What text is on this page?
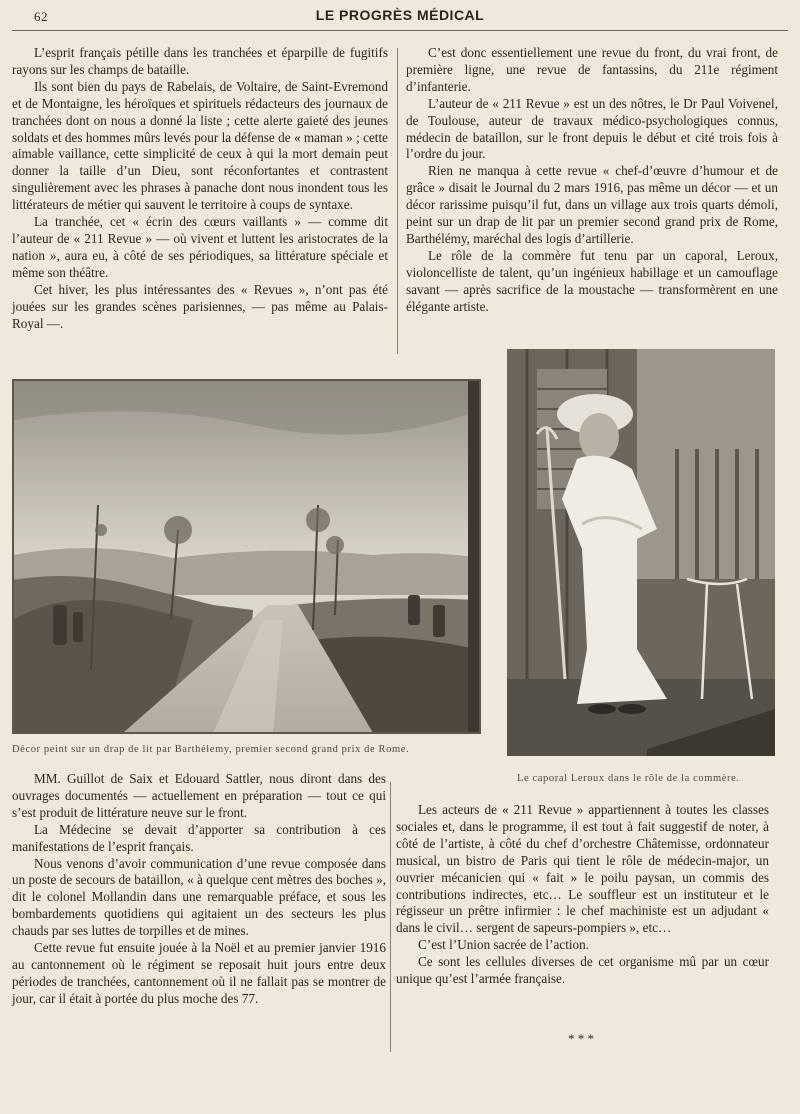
62	LE PROGRÈS MÉDICAL

L’esprit français pétille dans les tranchées et éparpille de fugitifs rayons sur les champs de bataille.

Ils sont bien du pays de Rabelais, de Voltaire, de Saint-Evremond et de Montaigne, les héroïques et spirituels rédacteurs des journaux de tranchées dont on nous a donné la liste ; cette alerte gaieté des jeunes soldats et des hommes mûrs levés pour la défense de « maman » ; cette aimable vaillance, cette simplicité de ceux à qui la mort demain peut donner la taille d’un Dieu, sont réconfortantes et contrastent singulièrement avec les phrases à panache dont nous inondent tous les littérateurs de métier qui sauvent le territoire à coups de syntaxe.

La tranchée, cet « écrin des cœurs vaillants » — comme dit l’auteur de « 211 Revue » — où vivent et luttent les aristocrates de la nation », aura eu, à côté de ses périodiques, sa littérature spéciale et même son théâtre.

Cet hiver, les plus intéressantes des « Revues », n’ont pas été jouées sur les grandes scènes parisiennes, — pas même au Palais-Royal —.

C’est donc essentiellement une revue du front, du vrai front, de première ligne, une revue de fantassins, du 211e régiment d’infanterie.

L’auteur de « 211 Revue » est un des nôtres, le Dr Paul Voivenel, de Toulouse, auteur de travaux médico-psychologiques connus, médecin de bataillon, sur le front depuis le début et cité trois fois à l’ordre du jour.

Rien ne manqua à cette revue « chef-d’œuvre d’humour et de grâce » disait le Journal du 2 mars 1916, pas même un décor — et un décor rarissime puisqu’il fut, dans un village aux trois quarts démoli, peint sur un drap de lit par un premier second grand prix de Rome, Barthélémy, maréchal des logis d’artillerie.

Le rôle de la commère fut tenu par un caporal, Leroux, violoncelliste de talent, qu’un ingénieux habillage et un camouflage savant — après sacrifice de la moustache — transformèrent en une élégante artiste.

Décor peint sur un drap de lit par Barthélemy, premier second grand prix de Rome.
Le caporal Leroux dans le rôle de la commère.

MM. Guillot de Saix et Edouard Sattler, nous diront dans des ouvrages documentés — actuellement en préparation — tout ce qui s’est produit de littérature neuve sur le front.

La Médecine se devait d’apporter sa contribution à ces manifestations de l’esprit français.

Nous venons d’avoir communication d’une revue composée dans un poste de secours de bataillon, « à quelque cent mètres des boches », dit le colonel Mollandin dans une remarquable préface, et sous les bombardements quotidiens qui agitaient un des secteurs les plus chauds par ses luttes de torpilles et de mines.

Cette revue fut ensuite jouée à la Noël et au premier janvier 1916 au cantonnement où le régiment se reposait huit jours entre deux périodes de tranchées, cantonnement où il ne fallait pas se montrer de jour, car il était à portée du plus moche des 77.

Les acteurs de « 211 Revue » appartiennent à toutes les classes sociales et, dans le programme, il est tout à fait suggestif de noter, à côté de l’artiste, à côté du chef d’orchestre Châtemisse, ordonnateur musical, un bistro de Paris qui tient le rôle de médecin-major, un ouvrier mécanicien qui « fait » le poilu paysan, un commis des contributions indirectes, etc… Le souffleur est un instituteur et le régisseur un prêtre infirmier : le chef machiniste est un adjudant « dans le civil… sergent de sapeurs-pompiers », etc…

C’est l’Union sacrée de l’action.

Ce sont les cellules diverses de cet organisme mû par un cœur unique qu’est l’armée française.

* * *
